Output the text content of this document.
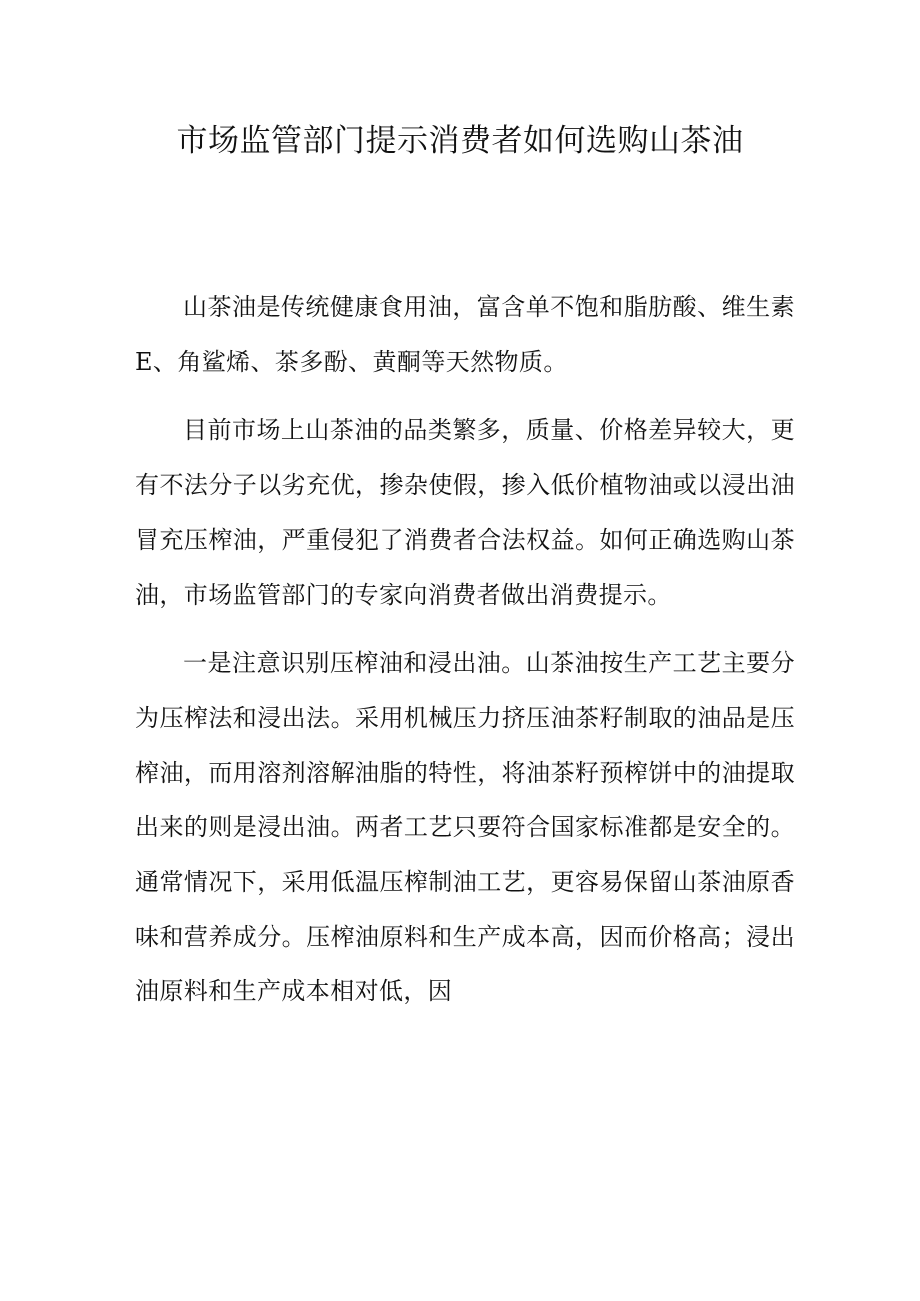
市场监管部门提示消费者如何选购山茶油

山茶油是传统健康食用油，富含单不饱和脂肪酸、维生素 E、角鲨烯、茶多酚、黄酮等天然物质。

目前市场上山茶油的品类繁多，质量、价格差异较大，更有不法分子以劣充优，掺杂使假，掺入低价植物油或以浸出油冒充压榨油，严重侵犯了消费者合法权益。如何正确选购山茶油，市场监管部门的专家向消费者做出消费提示。

一是注意识别压榨油和浸出油。山茶油按生产工艺主要分为压榨法和浸出法。采用机械压力挤压油茶籽制取的油品是压榨油，而用溶剂溶解油脂的特性，将油茶籽预榨饼中的油提取出来的则是浸出油。两者工艺只要符合国家标准都是安全的。通常情况下，采用低温压榨制油工艺，更容易保留山茶油原香味和营养成分。压榨油原料和生产成本高，因而价格高；浸出油原料和生产成本相对低，因
